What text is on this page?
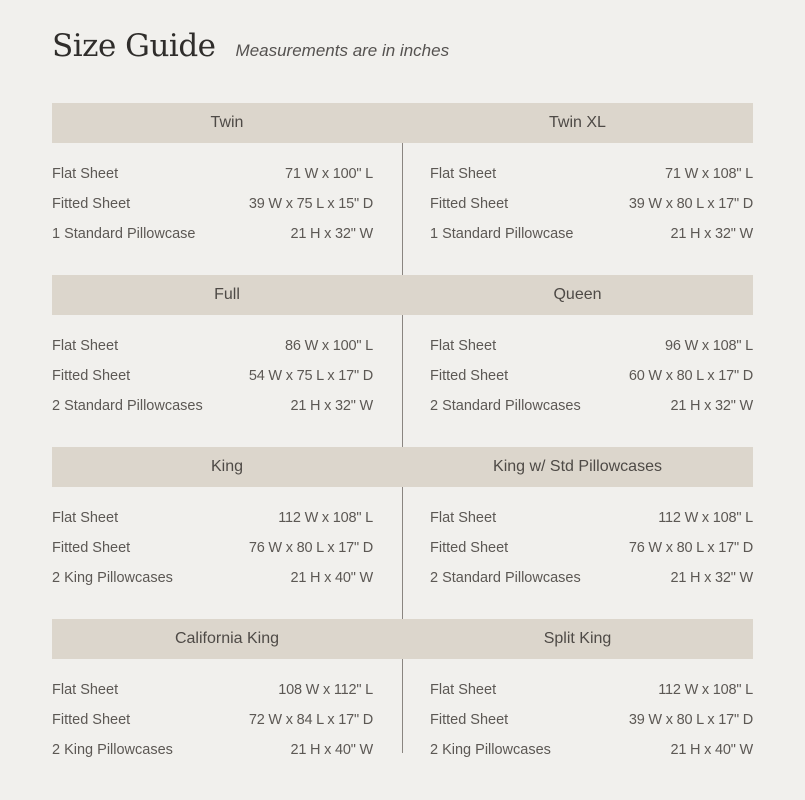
Size Guide Measurements are in inches
Twin	Twin XL
Flat Sheet	71 W x 100" L
Fitted Sheet	39 W x 75 L x 15" D
1 Standard Pillowcase	21 H x 32" W
Flat Sheet	71 W x 108" L
Fitted Sheet	39 W x 80 L x 17" D
1 Standard Pillowcase	21 H x 32" W
Full	Queen
Flat Sheet	86 W x 100" L
Fitted Sheet	54 W x 75 L x 17" D
2 Standard Pillowcases	21 H x 32" W
Flat Sheet	96 W x 108" L
Fitted Sheet	60 W x 80 L x 17" D
2 Standard Pillowcases	21 H x 32" W
King	King w/ Std Pillowcases
Flat Sheet	112 W x 108" L
Fitted Sheet	76 W x 80 L x 17" D
2 King Pillowcases	21 H x 40" W
Flat Sheet	112 W x 108" L
Fitted Sheet	76 W x 80 L x 17" D
2 Standard Pillowcases	21 H x 32" W
California King	Split King
Flat Sheet	108 W x 112" L
Fitted Sheet	72 W x 84 L x 17" D
2 King Pillowcases	21 H x 40" W
Flat Sheet	112 W x 108" L
Fitted Sheet	39 W x 80 L x 17" D
2 King Pillowcases	21 H x 40" W
